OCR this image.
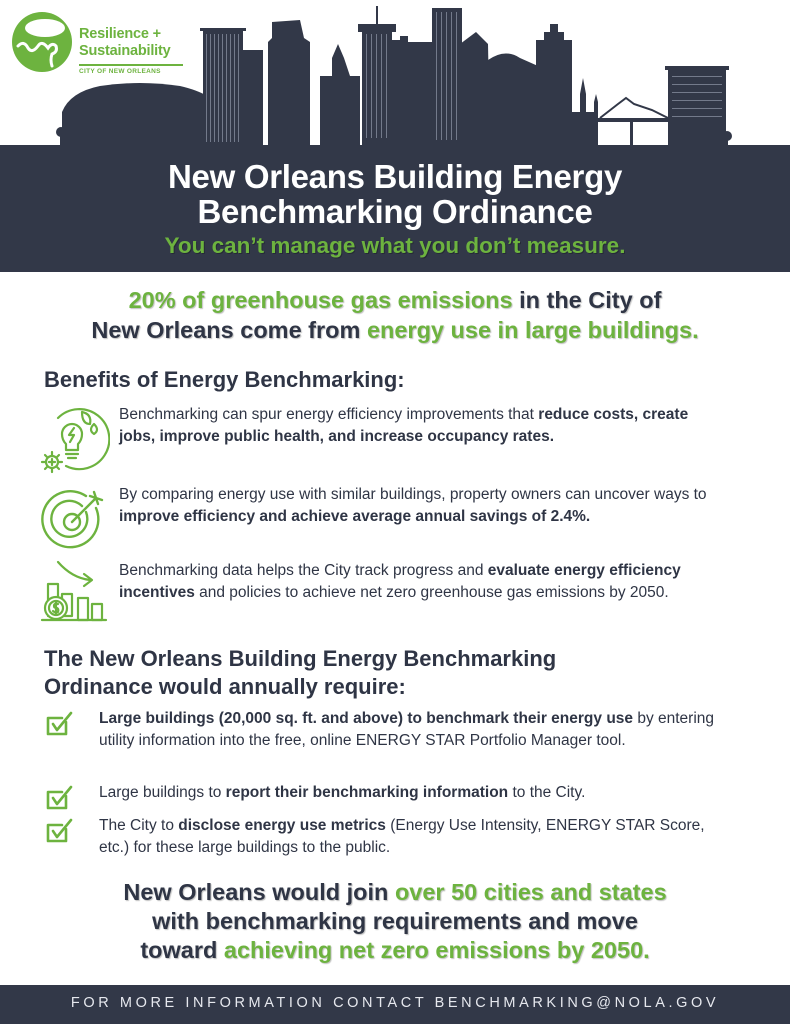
Resilience +
Sustainability
CITY OF NEW ORLEANS
New Orleans Building Energy
Benchmarking Ordinance
You can’t manage what you don’t measure.
20% of greenhouse gas emissions in the City of
New Orleans come from energy use in large buildings.
Benefits of Energy Benchmarking:
Benchmarking can spur energy efficiency improvements that reduce costs, create jobs, improve public health, and increase occupancy rates.
By comparing energy use with similar buildings, property owners can uncover ways to improve efficiency and achieve average annual savings of 2.4%.
Benchmarking data helps the City track progress and evaluate energy efficiency incentives and policies to achieve net zero greenhouse gas emissions by 2050.
The New Orleans Building Energy Benchmarking
Ordinance would annually require:
Large buildings (20,000 sq. ft. and above) to benchmark their energy use by entering utility information into the free, online ENERGY STAR Portfolio Manager tool.
Large buildings to report their benchmarking information to the City.
The City to disclose energy use metrics (Energy Use Intensity, ENERGY STAR Score, etc.) for these large buildings to the public.
New Orleans would join over 50 cities and states
with benchmarking requirements and move
toward achieving net zero emissions by 2050.
FOR MORE INFORMATION CONTACT BENCHMARKING@NOLA.GOV
